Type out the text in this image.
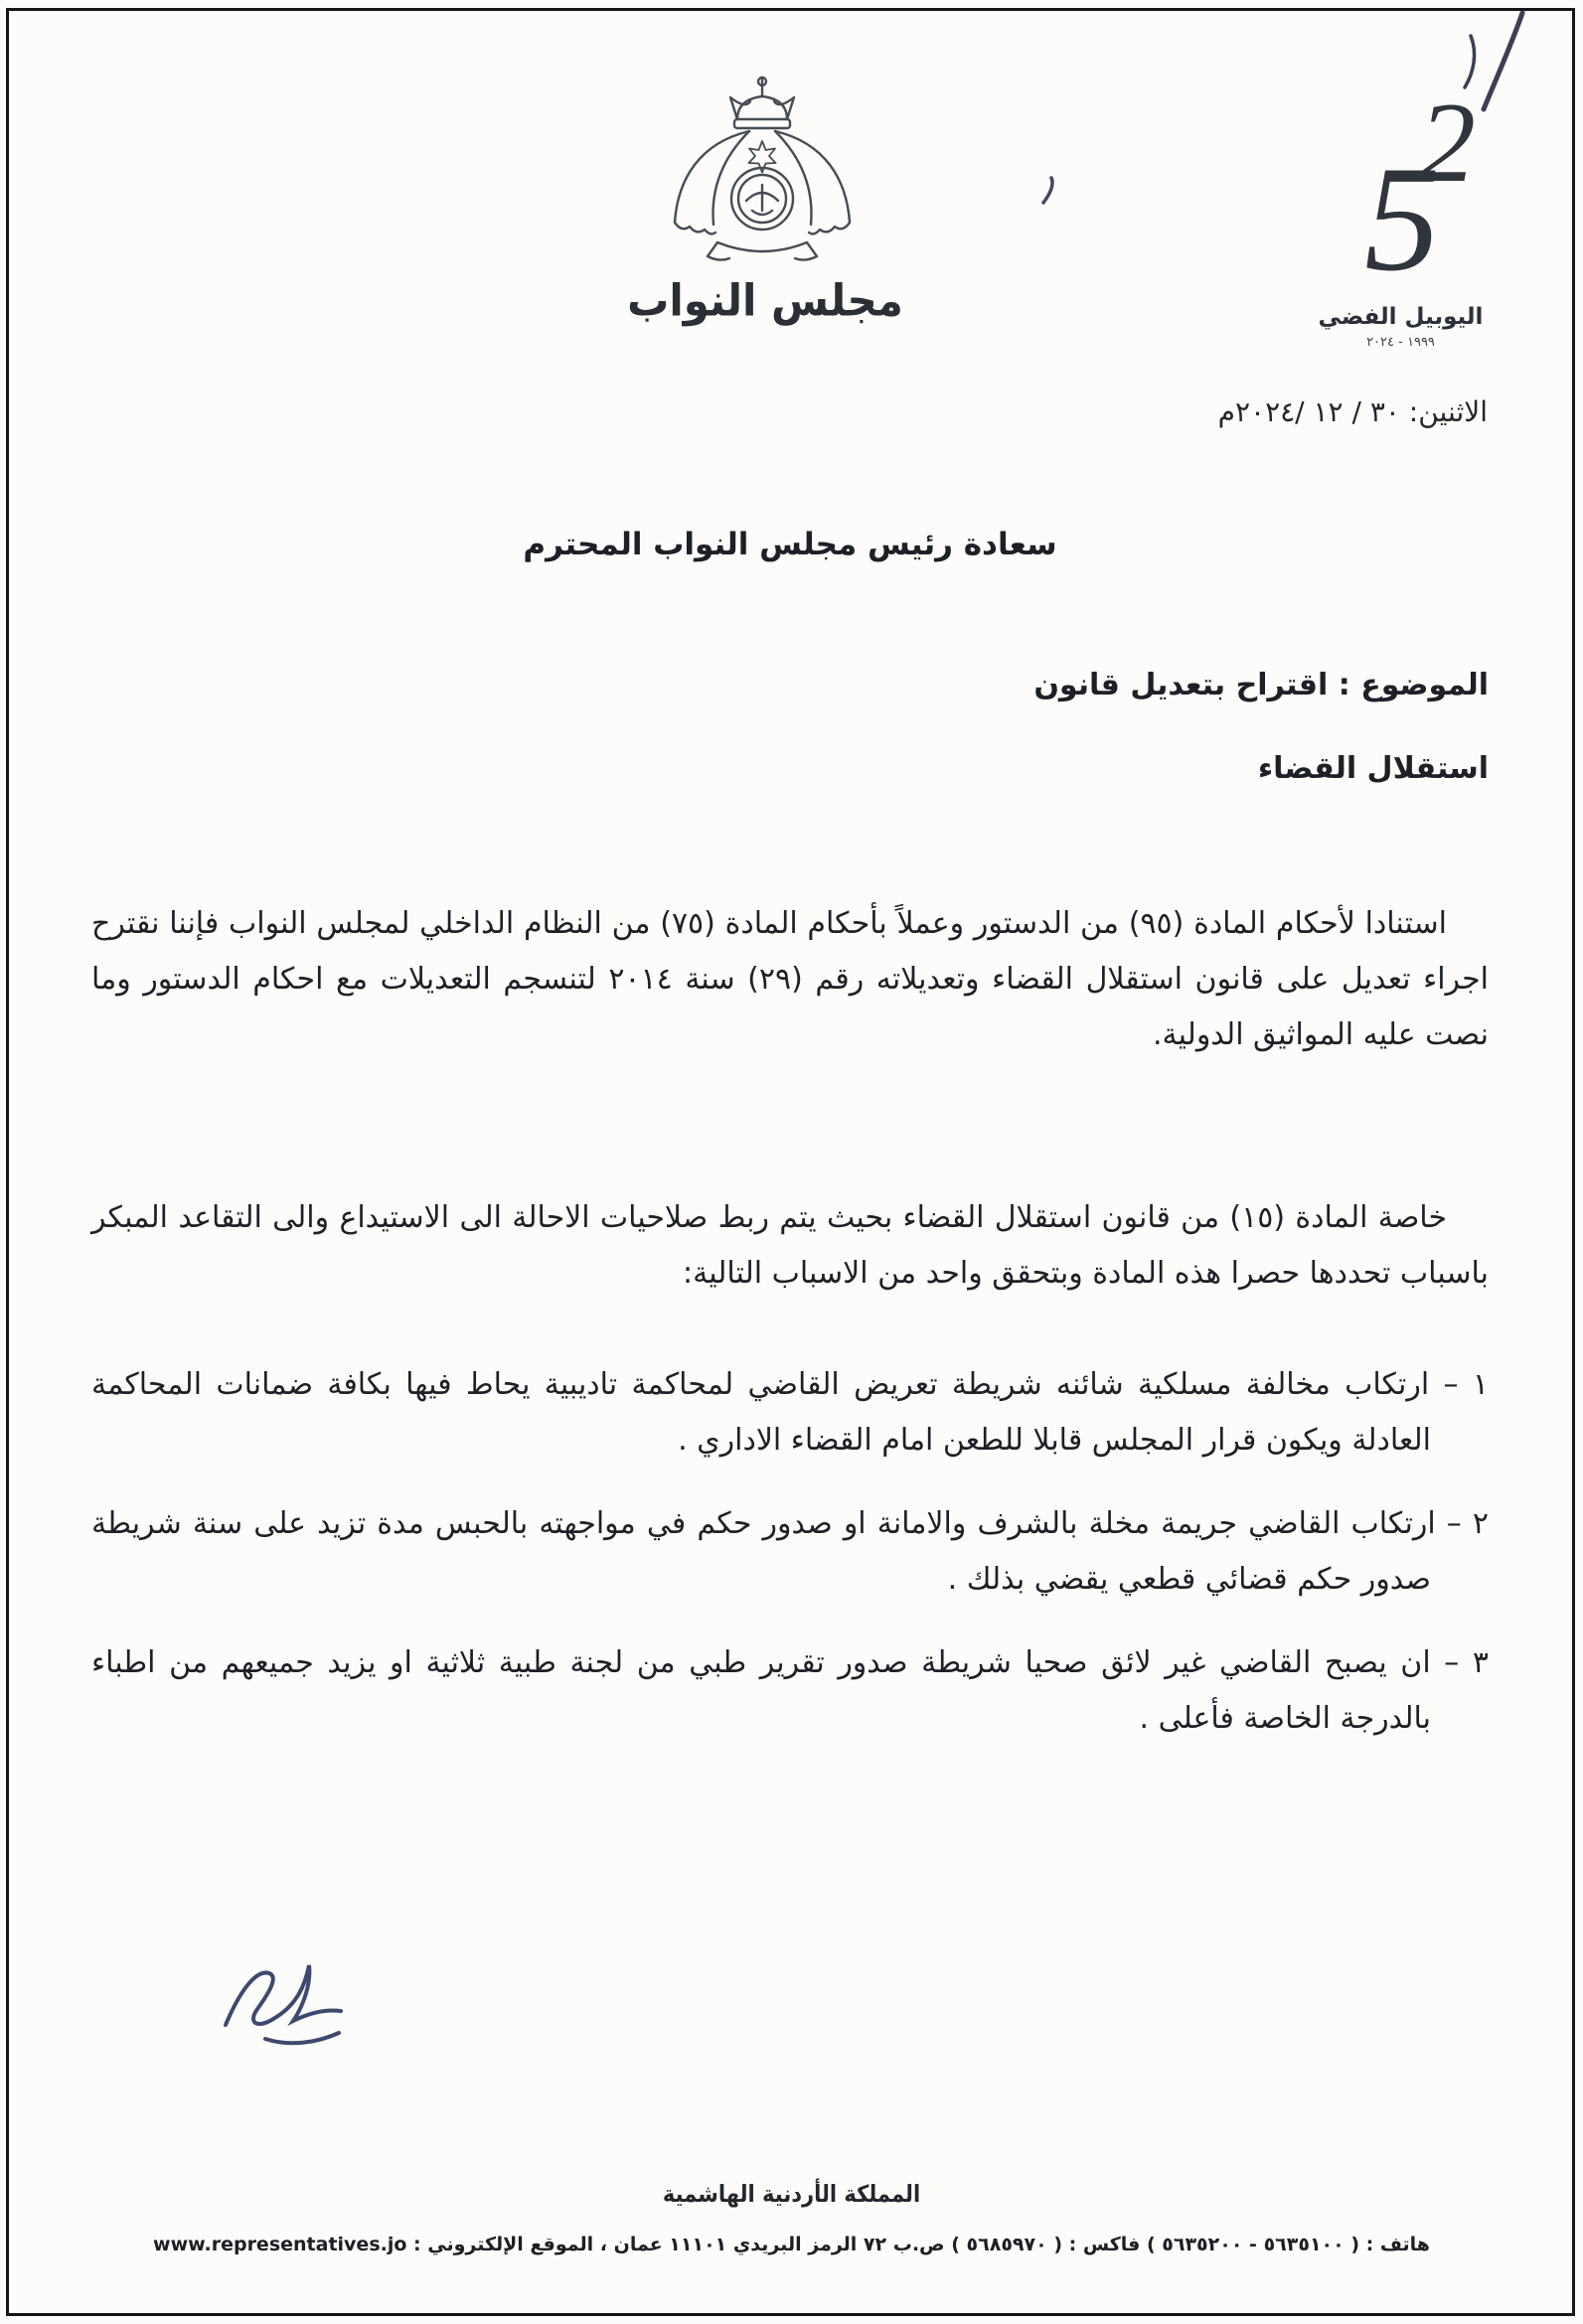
مجلس النواب
2
5
اليوبيل الفضي
١٩٩٩ - ٢٠٢٤
الاثنين: ٣٠ / ١٢ /٢٠٢٤م
سعادة رئيس مجلس النواب المحترم
الموضوع : اقتراح بتعديل قانون
استقلال القضاء

استنادا لأحكام المادة (٩٥) من الدستور وعملاً بأحكام المادة (٧٥) من النظام الداخلي لمجلس النواب فإننا نقترح اجراء تعديل على قانون استقلال القضاء وتعديلاته رقم (٢٩) سنة ٢٠١٤ لتنسجم التعديلات مع احكام الدستور وما نصت عليه المواثيق الدولية.

خاصة المادة (١٥) من قانون استقلال القضاء بحيث يتم ربط صلاحيات الاحالة الى الاستيداع والى التقاعد المبكر باسباب تحددها حصرا هذه المادة وبتحقق واحد من الاسباب التالية:

١ – ارتكاب مخالفة مسلكية شائنه شريطة تعريض القاضي لمحاكمة تاديبية يحاط فيها بكافة ضمانات المحاكمة العادلة ويكون قرار المجلس قابلا للطعن امام القضاء الاداري .

٢ – ارتكاب القاضي جريمة مخلة بالشرف والامانة او صدور حكم في مواجهته بالحبس مدة تزيد على سنة شريطة صدور حكم قضائي قطعي يقضي بذلك .

٣ – ان يصبح القاضي غير لائق صحيا شريطة صدور تقرير طبي من لجنة طبية ثلاثية او يزيد جميعهم من اطباء بالدرجة الخاصة فأعلى .

المملكة الأردنية الهاشمية
هاتف : ( ٥٦٣٥١٠٠ - ٥٦٣٥٢٠٠ ) فاكس : ( ٥٦٨٥٩٧٠ ) ص.ب ٧٢ الرمز البريدي ١١١٠١ عمان ، الموقع الإلكتروني : www.representatives.jo
